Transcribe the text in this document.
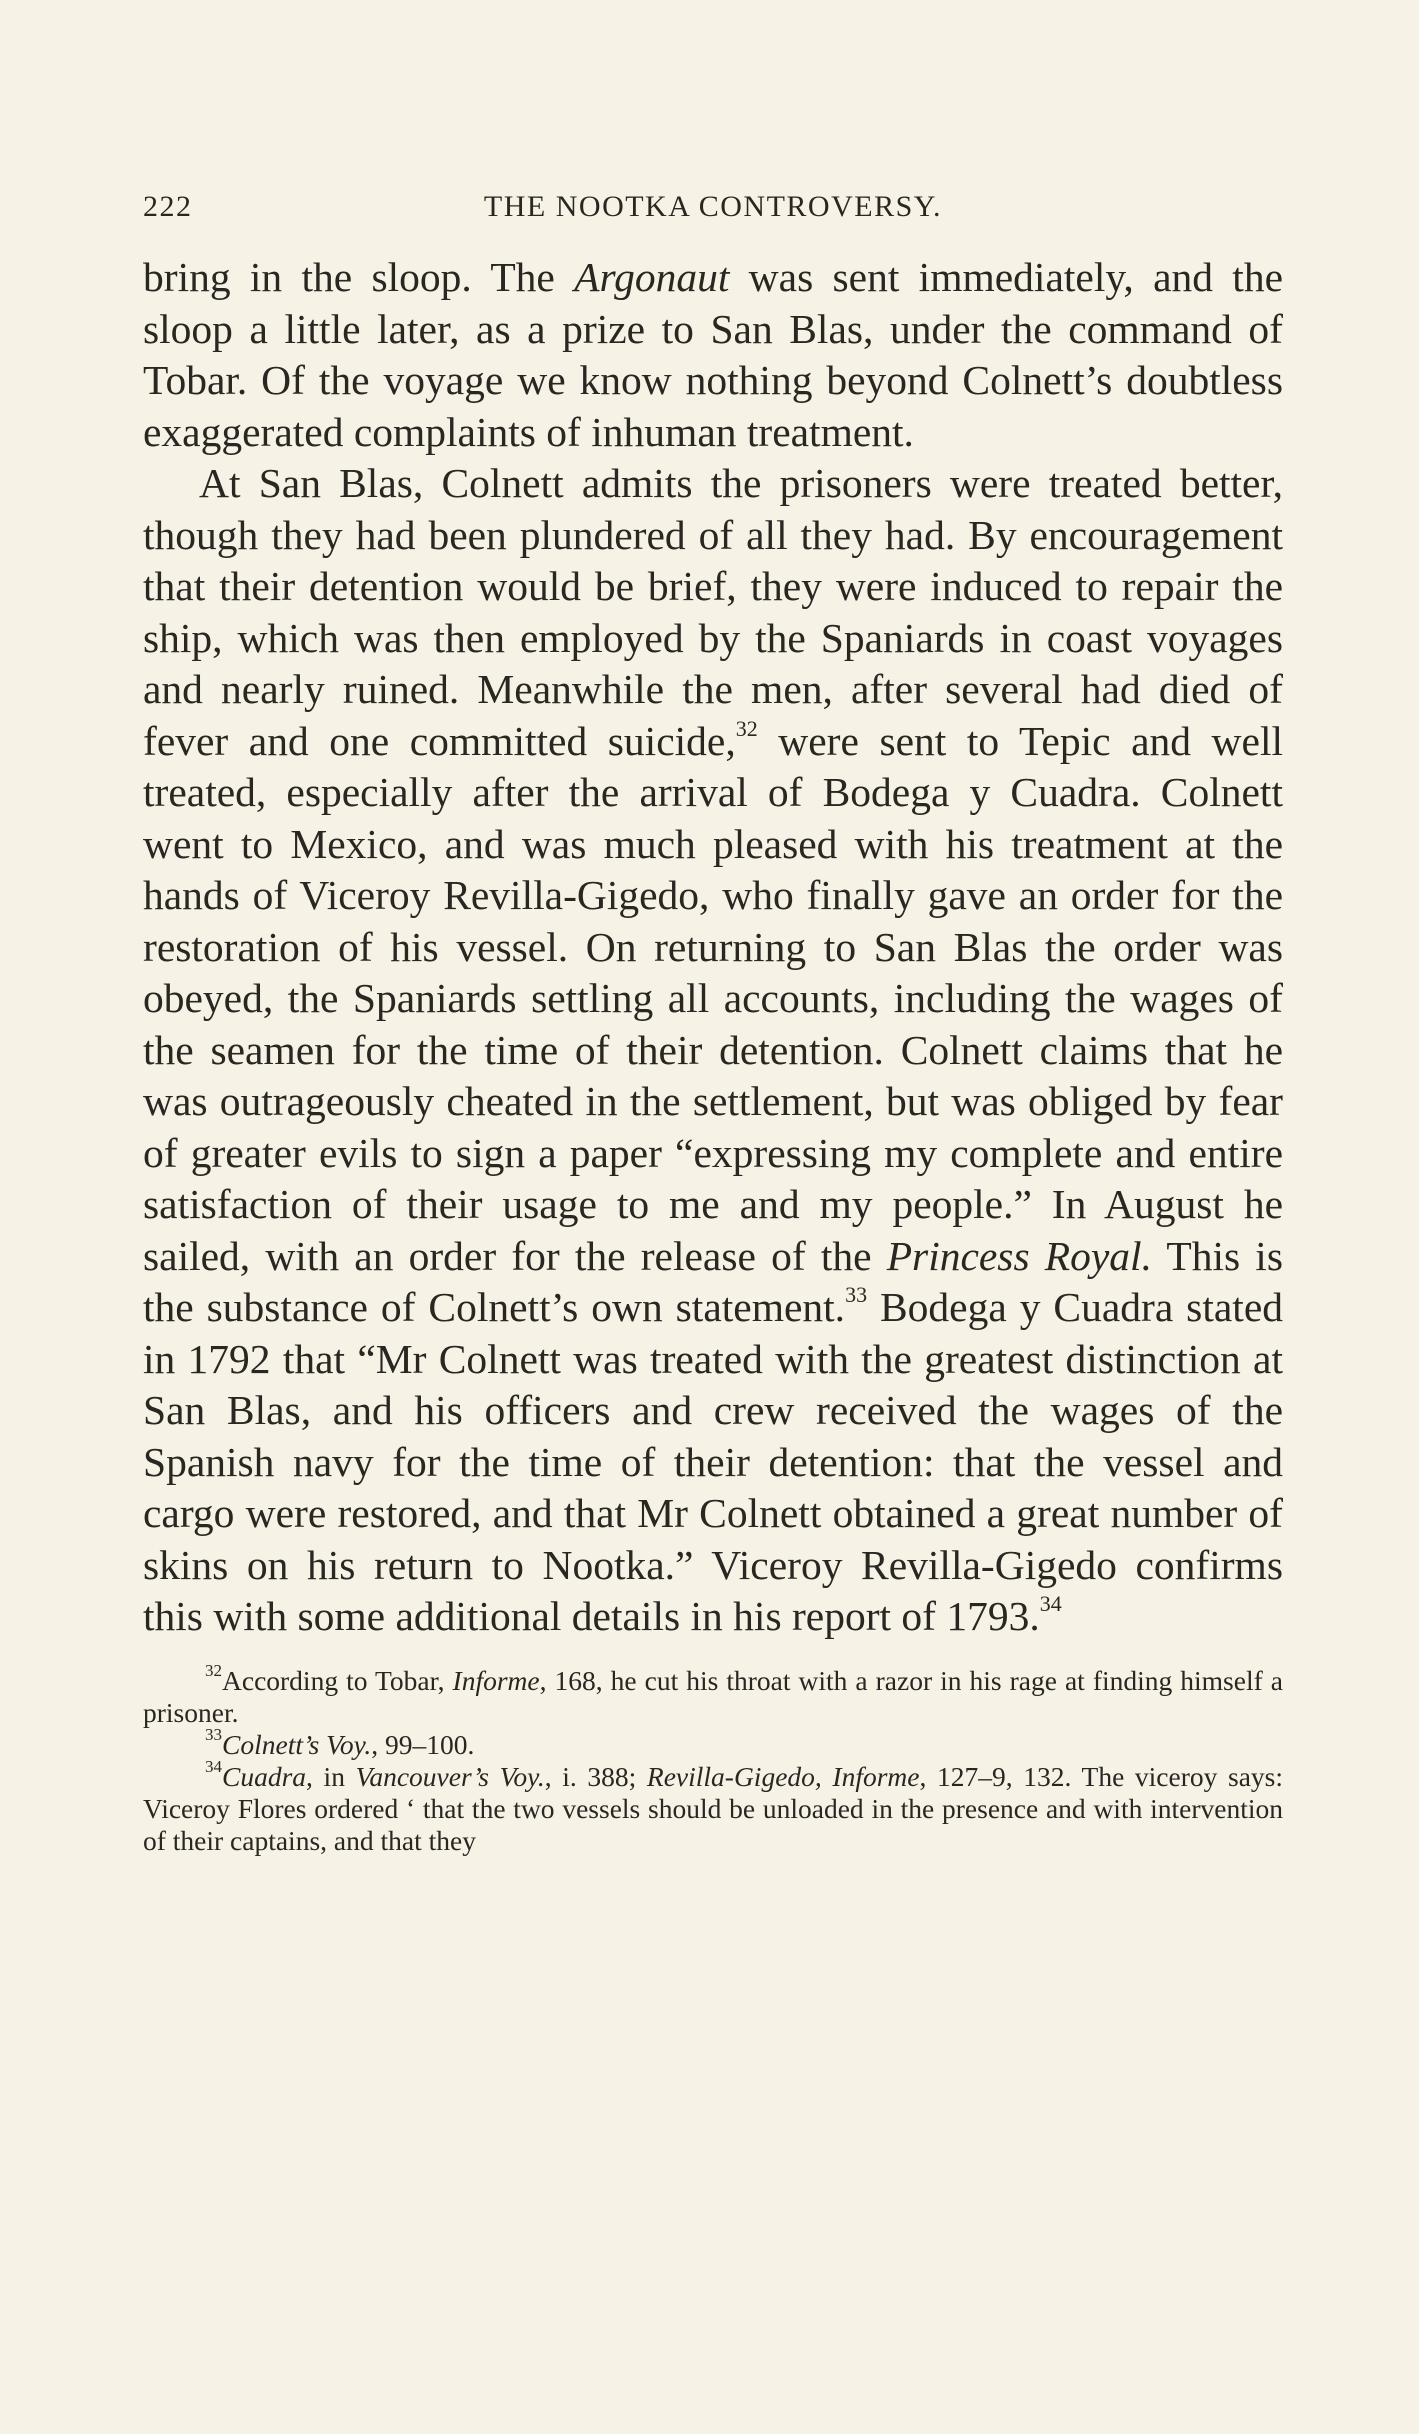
222	THE NOOTKA CONTROVERSY.

bring in the sloop. The Argonaut was sent immediately, and the sloop a little later, as a prize to San Blas, under the command of Tobar. Of the voyage we know nothing beyond Colnett’s doubtless exaggerated complaints of inhuman treatment.

At San Blas, Colnett admits the prisoners were treated better, though they had been plundered of all they had. By encouragement that their detention would be brief, they were induced to repair the ship, which was then employed by the Spaniards in coast voyages and nearly ruined. Meanwhile the men, after several had died of fever and one committed suicide,$^{32}$ were sent to Tepic and well treated, especially after the arrival of Bodega y Cuadra. Colnett went to Mexico, and was much pleased with his treatment at the hands of Viceroy Revilla-Gigedo, who finally gave an order for the restoration of his vessel. On returning to San Blas the order was obeyed, the Spaniards settling all accounts, including the wages of the seamen for the time of their detention. Colnett claims that he was outrageously cheated in the settlement, but was obliged by fear of greater evils to sign a paper “expressing my complete and entire satisfaction of their usage to me and my people.” In August he sailed, with an order for the release of the Princess Royal. This is the substance of Colnett’s own statement.$^{33}$ Bodega y Cuadra stated in 1792 that “Mr Colnett was treated with the greatest distinction at San Blas, and his officers and crew received the wages of the Spanish navy for the time of their detention: that the vessel and cargo were restored, and that Mr Colnett obtained a great number of skins on his return to Nootka.” Viceroy Revilla-Gigedo confirms this with some additional details in his report of 1793.34

$^{32}$According to Tobar, Informe, 168, he cut his throat with a razor in his rage at finding himself a prisoner.

$^{33}$Colnett’s Voy., 99–100.

$^{34}$Cuadra, in Vancouver’s Voy., i. 388; Revilla-Gigedo, Informe, 127–9, 132. The viceroy says: Viceroy Flores ordered ‘ that the two vessels should be unloaded in the presence and with intervention of their captains, and that they
